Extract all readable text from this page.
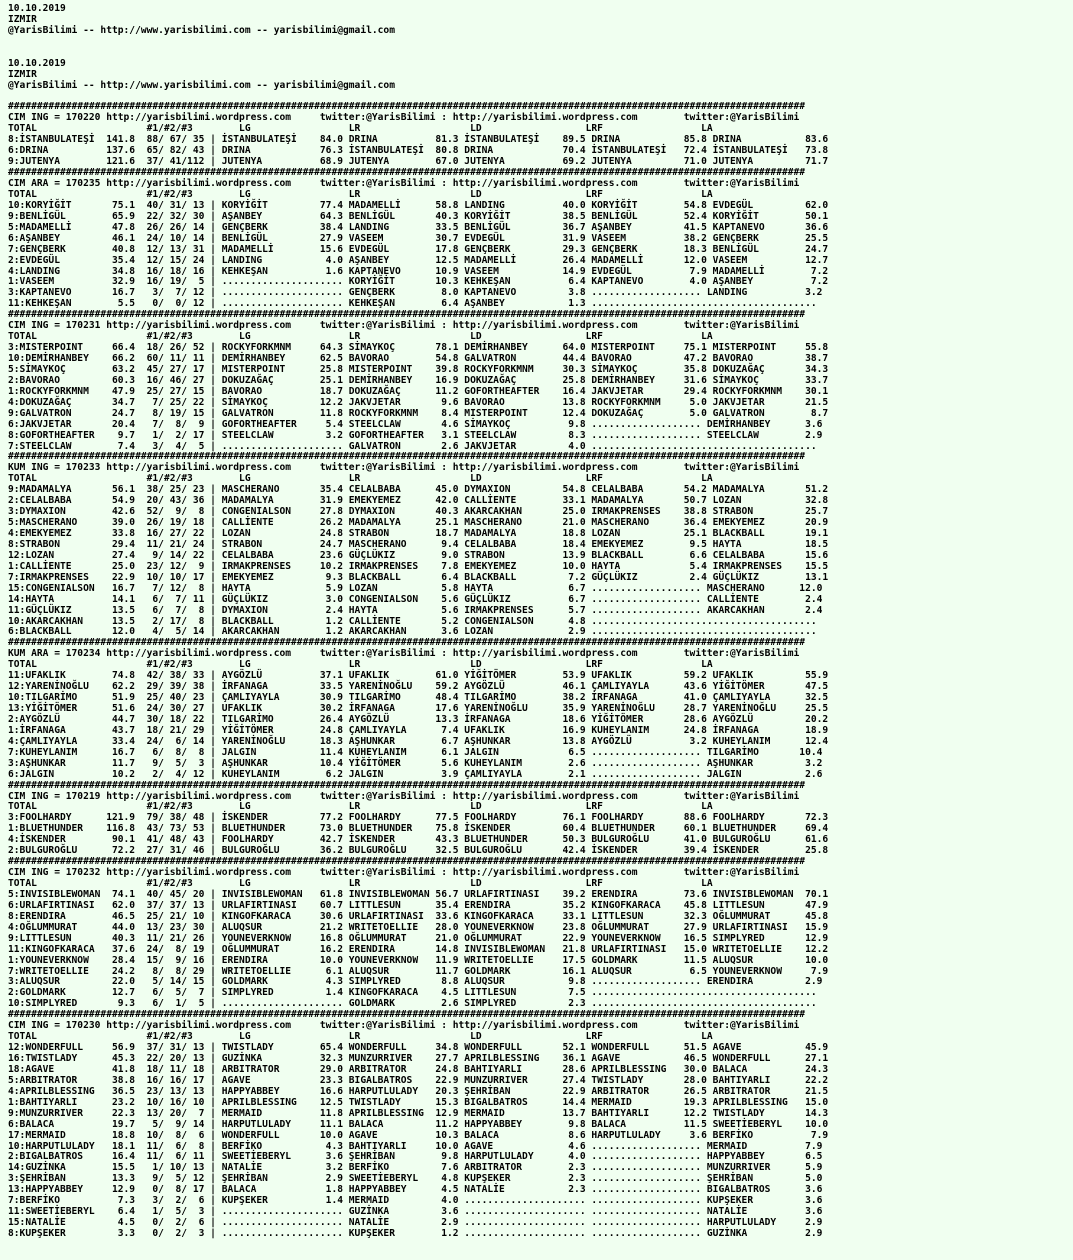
10.10.2019
IZMIR
@YarisBilimi -- http://www.yarisbilimi.com -- yarisbilimi@gmail.com
10.10.2019
IZMIR
@YarisBilimi -- http://www.yarisbilimi.com -- yarisbilimi@gmail.com
##########################################################################################################################################
CIM ING = 170220 http://yarisbilimi.wordpress.com     twitter:@YarisBilimi : http://yarisbilimi.wordpress.com        twitter:@YarisBilimi
TOTAL                   #1/#2/#3        LG                 LR                   LD                  LRF                 LA
8:İSTANBULATEŞİ  141.8  88/ 67/ 35 | İSTANBULATEŞİ    84.0 DRINA          81.3 İSTANBULATEŞİ    89.5 DRINA           85.8 DRINA           83.6
6:DRINA          137.6  65/ 82/ 43 | DRINA            76.3 İSTANBULATEŞİ  80.8 DRINA            70.4 İSTANBULATEŞİ   72.4 İSTANBULATEŞİ   73.8
9:JUTENYA        121.6  37/ 41/112 | JUTENYA          68.9 JUTENYA        67.0 JUTENYA          69.2 JUTENYA         71.0 JUTENYA         71.7
##########################################################################################################################################
CIM ARA = 170235 http://yarisbilimi.wordpress.com     twitter:@YarisBilimi : http://yarisbilimi.wordpress.com        twitter:@YarisBilimi
TOTAL                   #1/#2/#3        LG                 LR                   LD                  LRF                 LA
10:KORYİĞİT       75.1  40/ 31/ 13 | KORYİĞİT         77.4 MADAMELLİ      58.8 LANDING          40.0 KORYİĞİT        54.8 EVDEGÜL         62.0
9:BENLİGÜL        65.9  22/ 32/ 30 | AŞANBEY          64.3 BENLİGÜL       40.3 KORYİĞİT         38.5 BENLİGÜL        52.4 KORYİĞİT        50.1
5:MADAMELLİ       47.8  26/ 26/ 14 | GENÇBERK         38.4 LANDING        33.5 BENLİGÜL         36.7 AŞANBEY         41.5 KAPTANEVO       36.6
6:AŞANBEY         46.1  24/ 10/ 14 | BENLİGÜL         27.9 VASEEM         30.7 EVDEGÜL          31.9 VASEEM          38.2 GENÇBERK        25.5
7:GENÇBERK        40.8  12/ 13/ 31 | MADAMELLİ        15.6 EVDEGÜL        17.8 GENÇBERK         29.3 GENÇBERK        18.3 BENLİGÜL        24.7
2:EVDEGÜL         35.4  12/ 15/ 24 | LANDING           4.0 AŞANBEY        12.5 MADAMELLİ        26.4 MADAMELLİ       12.0 VASEEM          12.7
4:LANDING         34.8  16/ 18/ 16 | KEHKEŞAN          1.6 KAPTANEVO      10.9 VASEEM           14.9 EVDEGÜL          7.9 MADAMELLİ        7.2
1:VASEEM          32.9  16/ 19/  5 | ..................... KORYİĞİT       10.3 KEHKEŞAN          6.4 KAPTANEVO        4.0 AŞANBEY          7.2
3:KAPTANEVO       16.7   3/  7/ 12 | ..................... GENÇBERK        8.0 KAPTANEVO         3.8 ................... LANDING          3.2
11:KEHKEŞAN        5.5   0/  0/ 12 | ..................... KEHKEŞAN        6.4 AŞANBEY           1.3 .......................................
##########################################################################################################################################
CIM ING = 170231 http://yarisbilimi.wordpress.com     twitter:@YarisBilimi : http://yarisbilimi.wordpress.com        twitter:@YarisBilimi
TOTAL                   #1/#2/#3        LG                 LR                   LD                  LRF                 LA
3:MISTERPOINT     66.4  18/ 26/ 52 | ROCKYFORKMNM     64.3 SİMAYKOÇ       78.1 DEMİRHANBEY      64.0 MISTERPOINT     75.1 MISTERPOINT     55.8
10:DEMİRHANBEY    66.2  60/ 11/ 11 | DEMİRHANBEY      62.5 BAVORAO        54.8 GALVATRON        44.4 BAVORAO         47.2 BAVORAO         38.7
5:SİMAYKOÇ        63.2  45/ 27/ 17 | MISTERPOINT      25.8 MISTERPOINT    39.8 ROCKYFORKMNM     30.3 SİMAYKOÇ        35.8 DOKUZAĞAÇ       34.3
2:BAVORAO         60.3  16/ 46/ 27 | DOKUZAĞAÇ        25.1 DEMİRHANBEY    16.9 DOKUZAĞAÇ        25.8 DEMİRHANBEY     31.6 SİMAYKOÇ        33.7
1:ROCKYFORKMNM    47.9  25/ 27/ 15 | BAVORAO          18.7 DOKUZAĞAÇ      11.2 GOFORTHEAFTER    16.4 JAKVJETAR       29.4 ROCKYFORKMNM    30.1
4:DOKUZAĞAÇ       34.7   7/ 25/ 22 | SİMAYKOÇ         12.2 JAKVJETAR       9.6 BAVORAO          13.8 ROCKYFORKMNM     5.0 JAKVJETAR       21.5
9:GALVATRON       24.7   8/ 19/ 15 | GALVATRON        11.8 ROCKYFORKMNM    8.4 MISTERPOINT      12.4 DOKUZAĞAÇ        5.0 GALVATRON        8.7
6:JAKVJETAR       20.4   7/  8/  9 | GOFORTHEAFTER     5.4 STEELCLAW       4.6 SİMAYKOÇ          9.8 ................... DEMİRHANBEY      3.6
8:GOFORTHEAFTER    9.7   1/  2/ 17 | STEELCLAW         3.2 GOFORTHEAFTER   3.1 STEELCLAW         8.3 ................... STEELCLAW        2.9
7:STEELCLAW        7.4   3/  4/  5 | ..................... GALVATRON       2.6 JAKVJETAR         4.0 .......................................
##########################################################################################################################################
KUM ING = 170233 http://yarisbilimi.wordpress.com     twitter:@YarisBilimi : http://yarisbilimi.wordpress.com        twitter:@YarisBilimi
TOTAL                   #1/#2/#3        LG                 LR                   LD                  LRF                 LA
9:MADAMALYA       56.1  38/ 25/ 23 | MASCHERANO       35.4 CELALBABA      45.0 DYMAXION         54.8 CELALBABA       54.2 MADAMALYA       51.2
2:CELALBABA       54.9  20/ 43/ 36 | MADAMALYA        31.9 EMEKYEMEZ      42.0 CALLİENTE        33.1 MADAMALYA       50.7 LOZAN           32.8
3:DYMAXION        42.6  52/  9/  8 | CONGENIALSON     27.8 DYMAXION       40.3 AKARCAKHAN       25.0 IRMAKPRENSES    38.8 STRABON         25.7
5:MASCHERANO      39.0  26/ 19/ 18 | CALLİENTE        26.2 MADAMALYA      25.1 MASCHERANO       21.0 MASCHERANO      36.4 EMEKYEMEZ       20.9
4:EMEKYEMEZ       33.8  16/ 27/ 22 | LOZAN            24.8 STRABON        18.7 MADAMALYA        18.8 LOZAN           25.1 BLACKBALL       19.1
8:STRABON         29.4  11/ 21/ 24 | STRABON          24.7 MASCHERANO      9.4 CELALBABA        18.4 EMEKYEMEZ        9.5 HAYTA           18.5
12:LOZAN          27.4   9/ 14/ 22 | CELALBABA        23.6 GÜÇLÜKIZ        9.0 STRABON          13.9 BLACKBALL        6.6 CELALBABA       15.6
1:CALLİENTE       25.0  23/ 12/  9 | IRMAKPRENSES     10.2 IRMAKPRENSES    7.8 EMEKYEMEZ        10.0 HAYTA            5.4 IRMAKPRENSES    15.5
7:IRMAKPRENSES    22.9  10/ 10/ 17 | EMEKYEMEZ         9.3 BLACKBALL       6.4 BLACKBALL         7.2 GÜÇLÜKIZ         2.4 GÜÇLÜKIZ        13.1
15:CONGENIALSON   16.7   7/ 12/  8 | HAYTA             5.9 LOZAN           5.8 HAYTA             6.7 ................... MASCHERANO      12.0
14:HAYTA          14.1   6/  7/ 11 | GÜÇLÜKIZ          3.0 CONGENIALSON    5.6 GÜÇLÜKIZ          6.7 ................... CALLİENTE        2.4
11:GÜÇLÜKIZ       13.5   6/  7/  8 | DYMAXION          2.4 HAYTA           5.6 IRMAKPRENSES      5.7 ................... AKARCAKHAN       2.4
10:AKARCAKHAN     13.5   2/ 17/  8 | BLACKBALL         1.2 CALLİENTE       5.2 CONGENIALSON      4.8 .......................................
6:BLACKBALL       12.0   4/  5/ 14 | AKARCAKHAN        1.2 AKARCAKHAN      3.6 LOZAN             2.9 .......................................
##########################################################################################################################################
KUM ARA = 170234 http://yarisbilimi.wordpress.com     twitter:@YarisBilimi : http://yarisbilimi.wordpress.com        twitter:@YarisBilimi
TOTAL                   #1/#2/#3        LG                 LR                   LD                  LRF                 LA
11:UFAKLIK        74.8  42/ 38/ 33 | AYGÖZLÜ          37.1 UFAKLIK        61.0 YİĞİTÖMER        53.9 UFAKLIK         59.2 UFAKLIK         55.9
12:YARENİNOĞLU    62.2  29/ 39/ 38 | İRFANAGA         33.5 YARENİNOĞLU    59.2 AYGÖZLÜ          46.1 ÇAMLIYAYLA      43.6 YİĞİTÖMER       47.5
10:TILGARİMO      51.9  25/ 40/ 23 | ÇAMLIYAYLA       30.9 TILGARİMO      48.4 TILGARİMO        38.2 İRFANAGA        41.0 ÇAMLIYAYLA      32.5
13:YİĞİTÖMER      51.6  24/ 30/ 27 | UFAKLIK          30.2 İRFANAGA       17.6 YARENİNOĞLU      35.9 YARENİNOĞLU     28.7 YARENİNOĞLU     25.5
2:AYGÖZLÜ         44.7  30/ 18/ 22 | TILGARİMO        26.4 AYGÖZLÜ        13.3 İRFANAGA         18.6 YİĞİTÖMER       28.6 AYGÖZLÜ         20.2
1:İRFANAGA        43.7  18/ 21/ 29 | YİĞİTÖMER        24.8 ÇAMLIYAYLA      7.4 UFAKLIK          16.9 KUHEYLANIM      24.8 İRFANAGA        18.9
4:ÇAMLIYAYLA      33.4  24/  6/ 14 | YARENİNOĞLU      18.3 AŞHUNKAR        6.7 AŞHUNKAR         13.8 AYGÖZLÜ          3.2 KUHEYLANIM      12.4
7:KUHEYLANIM      16.7   6/  8/  8 | JALGIN           11.4 KUHEYLANIM      6.1 JALGIN            6.5 ................... TILGARİMO       10.4
3:AŞHUNKAR        11.7   9/  5/  3 | AŞHUNKAR         10.4 YİĞİTÖMER       5.6 KUHEYLANIM        2.6 ................... AŞHUNKAR         3.2
6:JALGIN          10.2   2/  4/ 12 | KUHEYLANIM        6.2 JALGIN          3.9 ÇAMLIYAYLA        2.1 ................... JALGIN           2.6
##########################################################################################################################################
CIM ING = 170219 http://yarisbilimi.wordpress.com     twitter:@YarisBilimi : http://yarisbilimi.wordpress.com        twitter:@YarisBilimi
TOTAL                   #1/#2/#3        LG                 LR                   LD                  LRF                 LA
3:FOOLHARDY      121.9  79/ 38/ 48 | İSKENDER         77.2 FOOLHARDY      77.5 FOOLHARDY        76.1 FOOLHARDY       88.6 FOOLHARDY       72.3
1:BLUETHUNDER    116.8  43/ 73/ 53 | BLUETHUNDER      73.0 BLUETHUNDER    75.8 İSKENDER         60.4 BLUETHUNDER     60.1 BLUETHUNDER     69.4
4:İSKENDER        90.1  41/ 48/ 43 | FOOLHARDY        42.7 İSKENDER       43.3 BLUETHUNDER      50.3 BULGUROĞLU      41.0 BULGUROĞLU      61.6
2:BULGUROĞLU      72.2  27/ 31/ 46 | BULGUROĞLU       36.2 BULGUROĞLU     32.5 BULGUROĞLU       42.4 İSKENDER        39.4 İSKENDER        25.8
##########################################################################################################################################
CIM ING = 170232 http://yarisbilimi.wordpress.com     twitter:@YarisBilimi : http://yarisbilimi.wordpress.com        twitter:@YarisBilimi
TOTAL                   #1/#2/#3        LG                 LR                   LD                  LRF                 LA
5:INVISIBLEWOMAN  74.1  40/ 45/ 20 | INVISIBLEWOMAN   61.8 INVISIBLEWOMAN 56.7 URLAFIRTINASI    39.2 ERENDIRA        73.6 INVISIBLEWOMAN  70.1
6:URLAFIRTINASI   62.0  37/ 37/ 13 | URLAFIRTINASI    60.7 LITTLESUN      35.4 ERENDIRA         35.2 KINGOFKARACA    45.8 LITTLESUN       47.9
8:ERENDIRA        46.5  25/ 21/ 10 | KINGOFKARACA     30.6 URLAFIRTINASI  33.6 KINGOFKARACA     33.1 LITTLESUN       32.3 OĞLUMMURAT      45.8
4:OĞLUMMURAT      44.0  13/ 23/ 30 | ALUQSUR          21.2 WRITETOELLIE   28.0 YOUNEVERKNOW     23.8 OĞLUMMURAT      27.9 URLAFIRTINASI   15.9
9:LITTLESUN       40.3  11/ 21/ 26 | YOUNEVERKNOW     16.8 OĞLUMMURAT     21.0 OĞLUMMURAT       22.9 YOUNEVERKNOW    16.5 SIMPLYRED       12.9
11:KINGOFKARACA   37.6  24/  8/ 19 | OĞLUMMURAT       16.2 ERENDIRA       14.8 INVISIBLEWOMAN   21.8 URLAFIRTINASI   15.0 WRITETOELLIE    12.2
1:YOUNEVERKNOW    28.4  15/  9/ 16 | ERENDIRA         10.0 YOUNEVERKNOW   11.9 WRITETOELLIE     17.5 GOLDMARK        11.5 ALUQSUR         10.0
7:WRITETOELLIE    24.2   8/  8/ 29 | WRITETOELLIE      6.1 ALUQSUR        11.7 GOLDMARK         16.1 ALUQSUR          6.5 YOUNEVERKNOW     7.9
3:ALUQSUR         22.0   5/ 14/ 15 | GOLDMARK          4.3 SIMPLYRED       8.8 ALUQSUR           9.8 ................... ERENDIRA         2.9
2:GOLDMARK        12.7   6/  5/  7 | SIMPLYRED         1.4 KINGOFKARACA    4.5 LITTLESUN         7.5 .......................................
10:SIMPLYRED       9.3   6/  1/  5 | ..................... GOLDMARK        2.6 SIMPLYRED         2.3 .......................................
##########################################################################################################################################
CIM ING = 170230 http://yarisbilimi.wordpress.com     twitter:@YarisBilimi : http://yarisbilimi.wordpress.com        twitter:@YarisBilimi
TOTAL                   #1/#2/#3        LG                 LR                   LD                  LRF                 LA
12:WONDERFULL     56.9  37/ 31/ 13 | TWISTLADY        65.4 WONDERFULL     34.8 WONDERFULL       52.1 WONDERFULL      51.5 AGAVE           45.9
16:TWISTLADY      45.3  22/ 20/ 13 | GUZİNKA          32.3 MUNZURRIVER    27.7 APRILBLESSING    36.1 AGAVE           46.5 WONDERFULL      27.1
18:AGAVE          41.8  18/ 11/ 18 | ARBITRATOR       29.0 ARBITRATOR     24.8 BAHTIYARLI       28.6 APRILBLESSING   30.0 BALACA          24.3
5:ARBITRATOR      38.8  16/ 16/ 17 | AGAVE            23.3 BIGALBATROS    22.9 MUNZURRIVER      27.4 TWISTLADY       28.0 BAHTIYARLI      22.2
4:APRILBLESSING   36.5  23/ 13/ 13 | HAPPYABBEY       16.6 HARPUTLULADY   20.3 ŞEHRİBAN         22.9 ARBITRATOR      26.5 ARBITRATOR      21.5
1:BAHTIYARLI      23.2  10/ 16/ 10 | APRILBLESSING    12.5 TWISTLADY      15.3 BIGALBATROS      14.4 MERMAID         19.3 APRILBLESSING   15.0
9:MUNZURRIVER     22.3  13/ 20/  7 | MERMAID          11.8 APRILBLESSING  12.9 MERMAID          13.7 BAHTIYARLI      12.2 TWISTLADY       14.3
6:BALACA          19.7   5/  9/ 14 | HARPUTLULADY     11.1 BALACA         11.2 HAPPYABBEY        9.8 BALACA          11.5 SWEETİEBERYL    10.0
17:MERMAID        18.8  10/  8/  6 | WONDERFULL       10.0 AGAVE          10.3 BALACA            8.6 HARPUTLULADY     3.6 BERFİKO          7.9
10:HARPUTLULADY   18.1  11/  6/  8 | BERFİKO           4.3 BAHTIYARLI     10.0 AGAVE             4.6 ................... MERMAID          7.9
2:BIGALBATROS     16.4  11/  6/ 11 | SWEETİEBERYL      3.6 ŞEHRİBAN        9.8 HARPUTLULADY      4.0 ................... HAPPYABBEY       6.5
14:GUZİNKA        15.5   1/ 10/ 13 | NATALİE           3.2 BERFİKO         7.6 ARBITRATOR        2.3 ................... MUNZURRIVER      5.9
3:ŞEHRİBAN        13.3   9/  5/ 12 | ŞEHRİBAN          2.9 SWEETİEBERYL    4.8 KUPŞEKER          2.3 ................... ŞEHRİBAN         5.0
13:HAPPYABBEY     12.9   0/  8/ 17 | BALACA            1.8 HAPPYABBEY      4.5 NATALİE           2.3 ................... BIGALBATROS      3.6
7:BERFİKO          7.3   3/  2/  6 | KUPŞEKER          1.4 MERMAID         4.0 ..................... ................... KUPŞEKER         3.6
11:SWEETİEBERYL    6.4   1/  5/  3 | ..................... GUZİNKA         3.6 ..................... ................... NATALİE          3.6
15:NATALİE         4.5   0/  2/  6 | ..................... NATALİE         2.9 ..................... ................... HARPUTLULADY     2.9
8:KUPŞEKER         3.3   0/  2/  3 | ..................... KUPŞEKER        1.2 ..................... ................... GUZİNKA          2.9
